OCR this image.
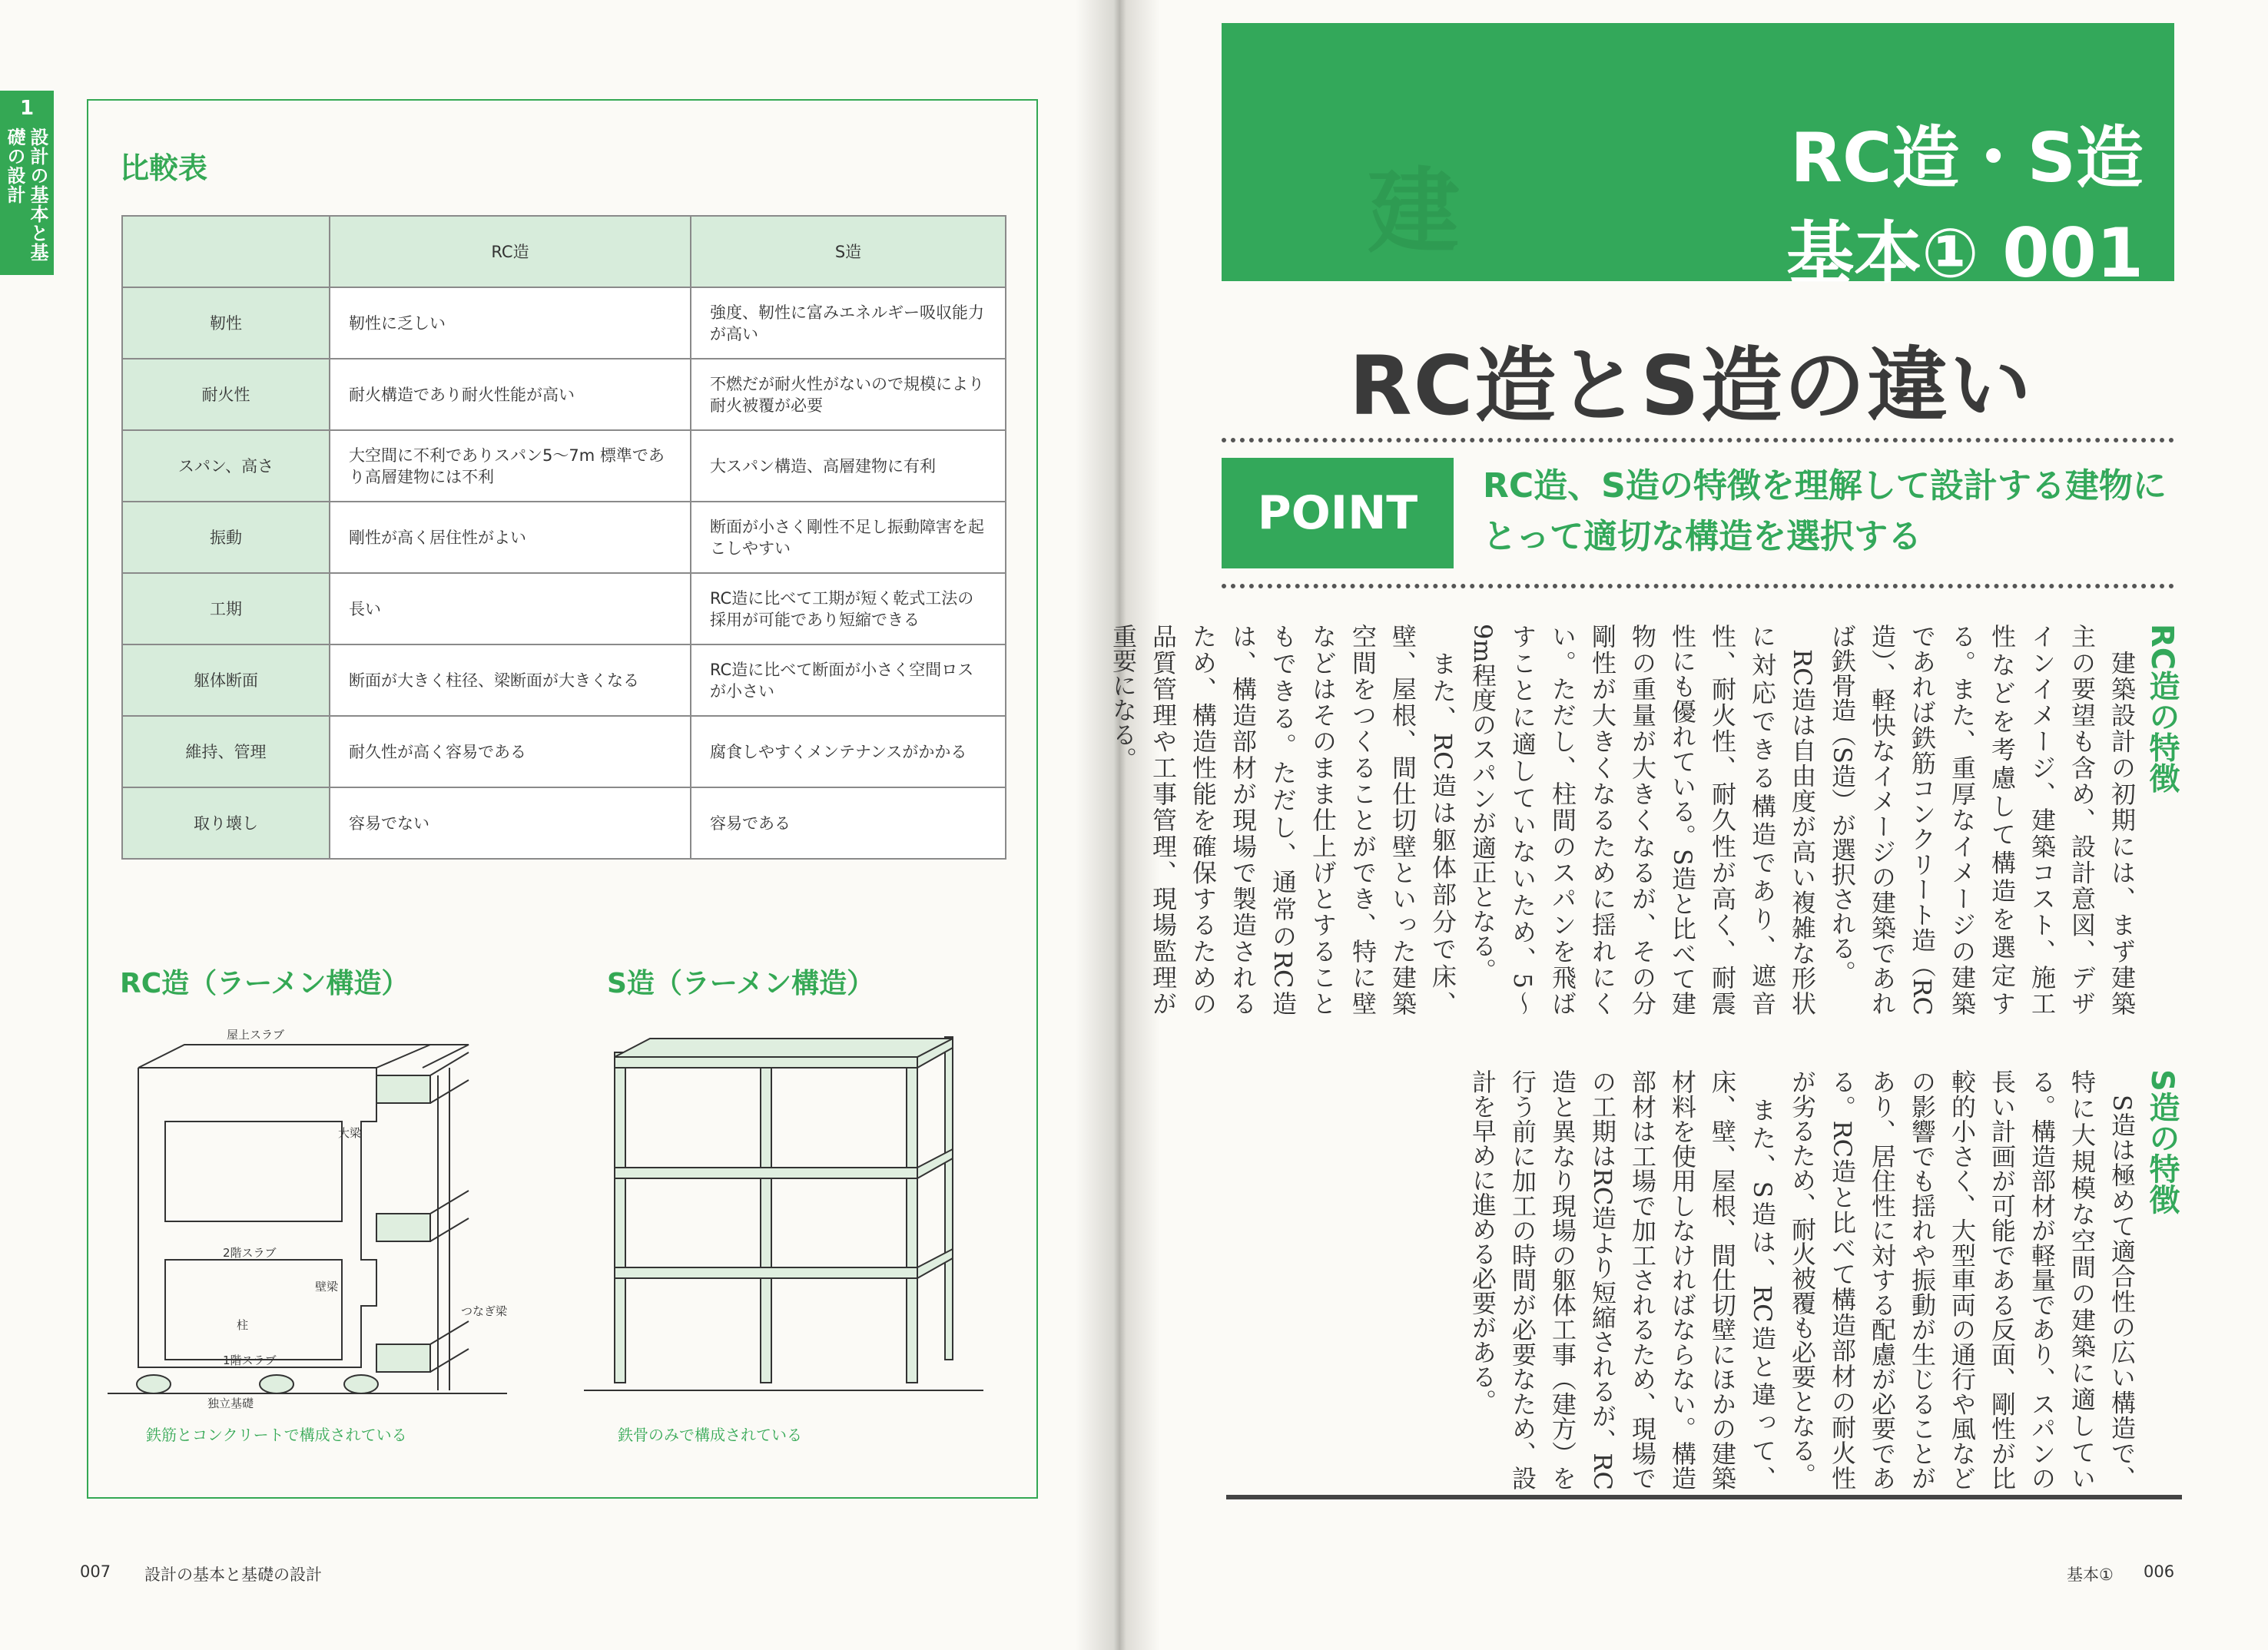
1
設計の基本と基礎の設計	比較表
	RC造	S造
靭性	靭性に乏しい	強度、靭性に富みエネルギー吸収能力が高い
耐火性	耐火構造であり耐火性能が高い	不燃だが耐火性がないので規模により耐火被覆が必要
スパン、高さ	大空間に不利でありスパン5〜7m 標準であり高層建物には不利	大スパン構造、高層建物に有利
振動	剛性が高く居住性がよい	断面が小さく剛性不足し振動障害を起こしやすい
工期	長い	RC造に比べて工期が短く乾式工法の採用が可能であり短縮できる
躯体断面	断面が大きく柱径、梁断面が大きくなる	RC造に比べて断面が小さく空間ロスが小さい
維持、管理	耐久性が高く容易である	腐食しやすくメンテナンスがかかる
取り壊し	容易でない	容易である
RC造（ラーメン構造）	S造（ラーメン構造）
屋上スラブ
大梁
2階スラブ
壁梁
柱
1階スラブ
つなぎ梁
独立基礎
鉄筋とコンクリートで構成されている	鉄骨のみで構成されている
007 設計の基本と基礎の設計
建
RC造・S造
基本① 001
RC造とS造の違い
POINT
RC造、S造の特徴を理解して設計する建物にとって適切な構造を選択する
RC造の特徴
　建築設計の初期には、まず建築主の要望も含め、設計意図、デザインイメージ、建築コスト、施工性などを考慮して構造を選定する。また、重厚なイメージの建築であれば鉄筋コンクリート造（RC造）、軽快なイメージの建築であれば鉄骨造（S造）が選択される。
　RC造は自由度が高い複雑な形状に対応できる構造であり、遮音性、耐火性、耐久性が高く、耐震性にも優れている。S造と比べて建物の重量が大きくなるが、その分剛性が大きくなるために揺れにくい。ただし、柱間のスパンを飛ばすことに適していないため、5〜9m程度のスパンが適正となる。
　また、RC造は躯体部分で床、壁、屋根、間仕切壁といった建築空間をつくることができ、特に壁などはそのまま仕上げとすることもできる。ただし、通常のRC造は、構造部材が現場で製造されるため、構造性能を確保するための品質管理や工事管理、現場監理が重要になる。
S造の特徴
　S造は極めて適合性の広い構造で、特に大規模な空間の建築に適している。構造部材が軽量であり、スパンの長い計画が可能である反面、剛性が比較的小さく、大型車両の通行や風などの影響でも揺れや振動が生じることがあり、居住性に対する配慮が必要である。RC造と比べて構造部材の耐火性が劣るため、耐火被覆も必要となる。
　また、S造は、RC造と違って、床、壁、屋根、間仕切壁にほかの建築材料を使用しなければならない。構造部材は工場で加工されるため、現場での工期はRC造より短縮されるが、RC造と異なり現場の躯体工事（建方）を行う前に加工の時間が必要なため、設計を早めに進める必要がある。
基本① 006
